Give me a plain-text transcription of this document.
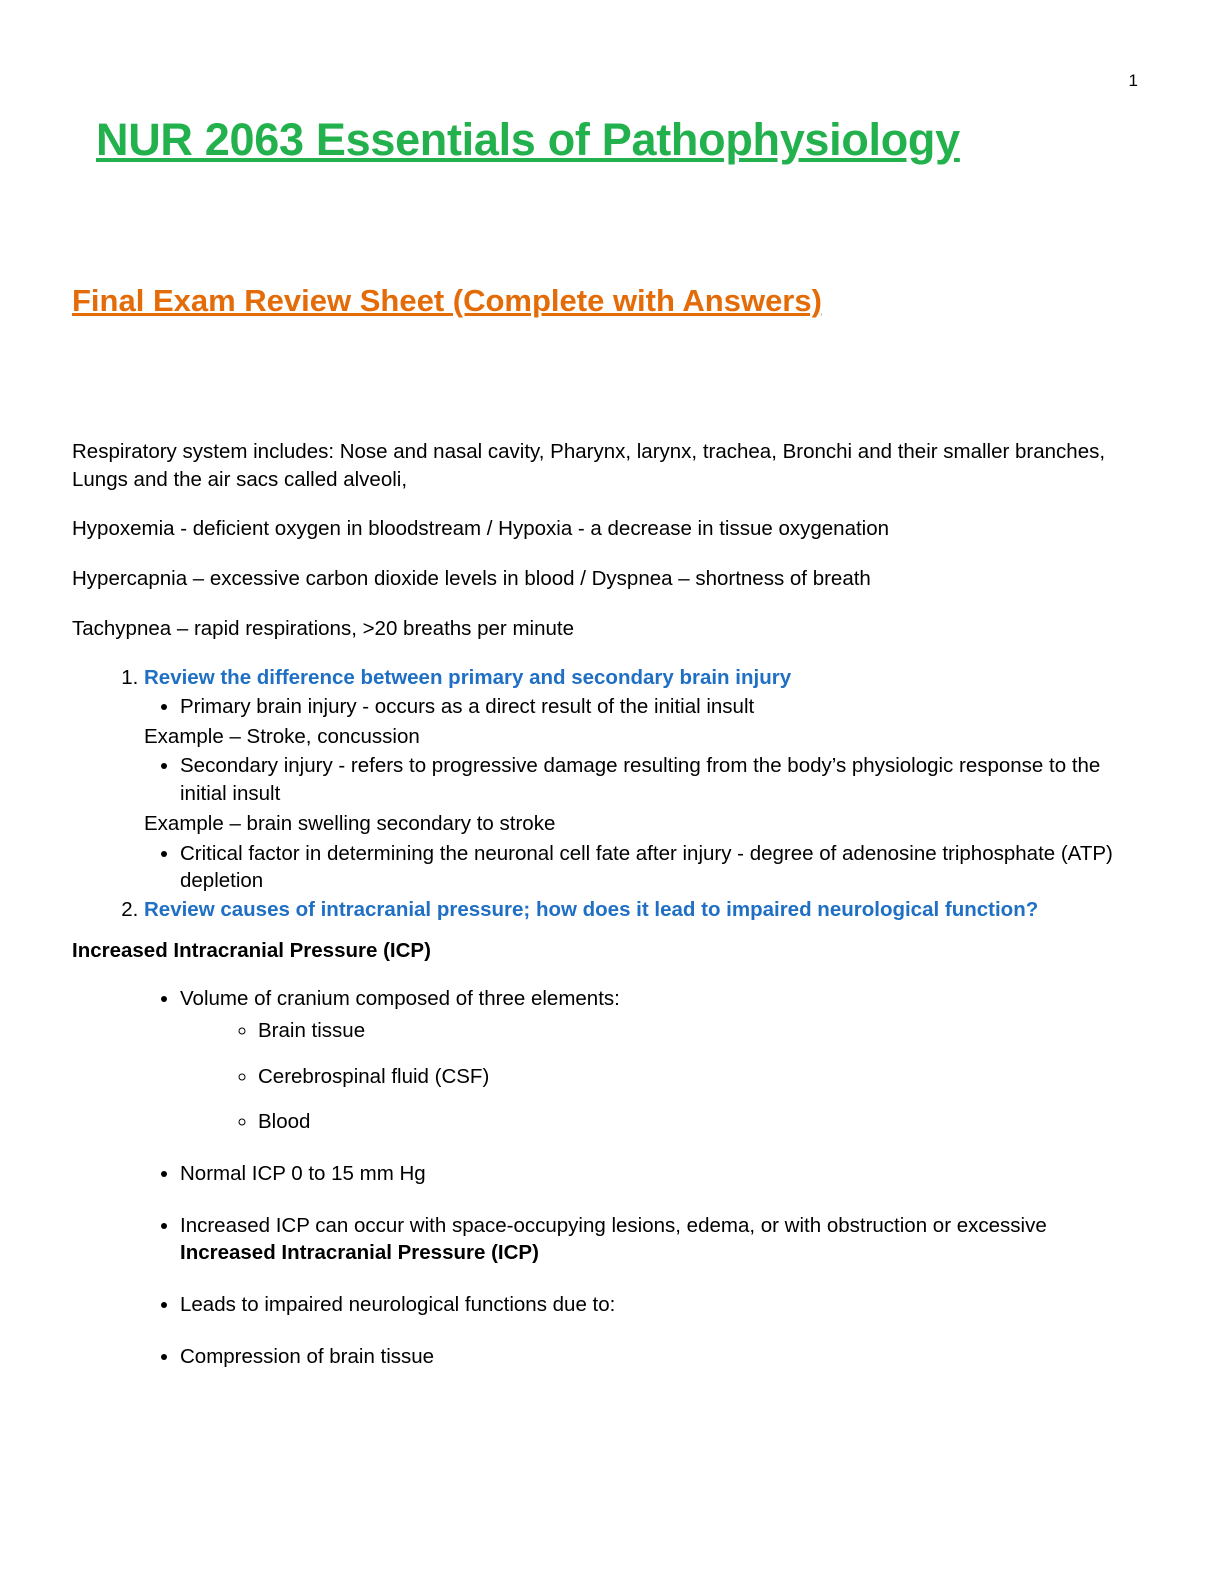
1
NUR 2063 Essentials of Pathophysiology
Final Exam Review Sheet (Complete with Answers)

Respiratory system includes: Nose and nasal cavity, Pharynx, larynx, trachea, Bronchi and their smaller branches, Lungs and the air sacs called alveoli,

Hypoxemia - deficient oxygen in bloodstream / Hypoxia - a decrease in tissue oxygenation

Hypercapnia – excessive carbon dioxide levels in blood / Dyspnea – shortness of breath

Tachypnea – rapid respirations, >20 breaths per minute

1. Review the difference between primary and secondary brain injury
• Primary brain injury - occurs as a direct result of the initial insult

Example – Stroke, concussion

• Secondary injury - refers to progressive damage resulting from the body’s physiologic response to the initial insult

Example – brain swelling secondary to stroke

• Critical factor in determining the neuronal cell fate after injury - degree of adenosine triphosphate (ATP) depletion
2. Review causes of intracranial pressure; how does it lead to impaired neurological function?

Increased Intracranial Pressure (ICP)

• Volume of cranium composed of three elements:
◦ Brain tissue
◦ Cerebrospinal fluid (CSF)
◦ Blood
• Normal ICP 0 to 15 mm Hg
• Increased ICP can occur with space-occupying lesions, edema, or with obstruction or excessive Increased Intracranial Pressure (ICP)
• Leads to impaired neurological functions due to:
• Compression of brain tissue
